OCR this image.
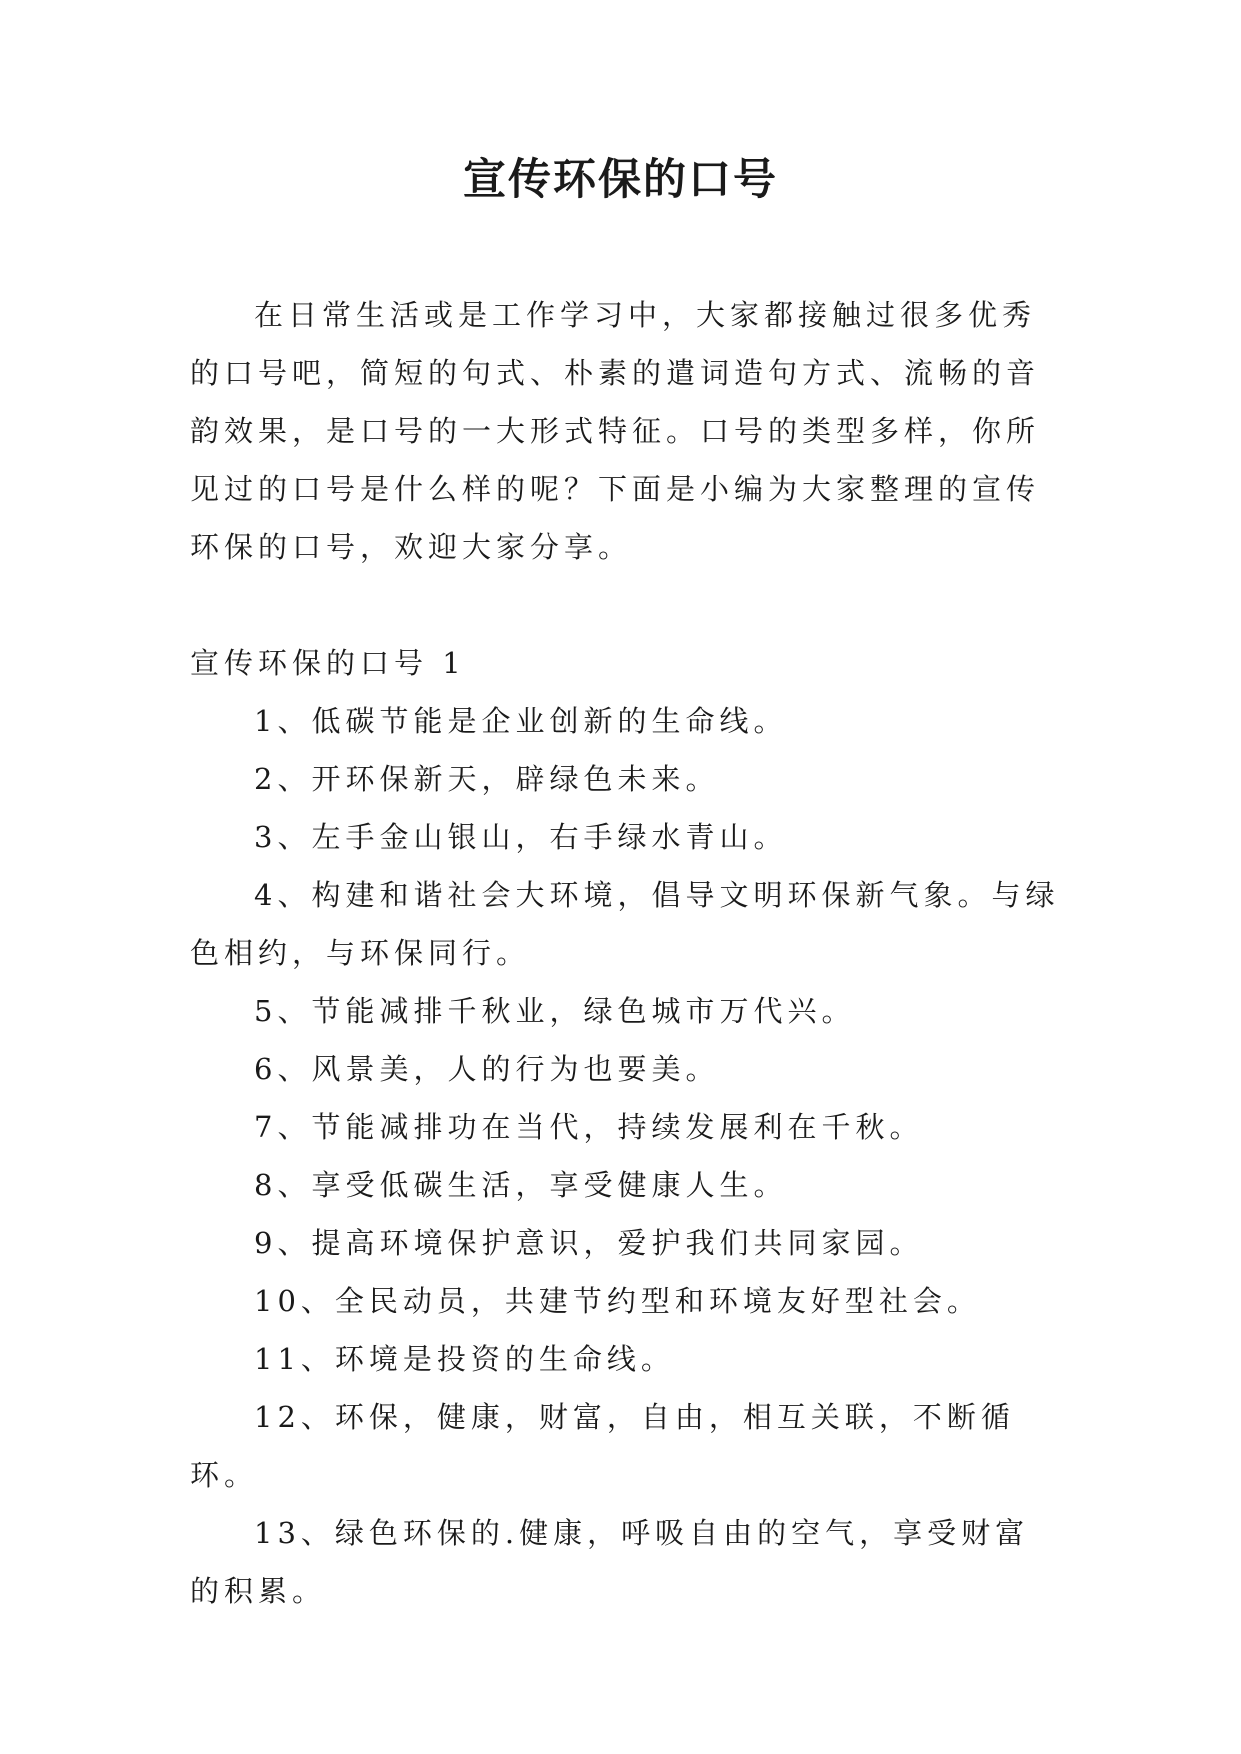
宣传环保的口号

在日常生活或是工作学习中，大家都接触过很多优秀的口号吧，简短的句式、朴素的遣词造句方式、流畅的音韵效果，是口号的一大形式特征。口号的类型多样，你所见过的口号是什么样的呢？下面是小编为大家整理的宣传环保的口号，欢迎大家分享。

宣传环保的口号 1

1、低碳节能是企业创新的生命线。
2、开环保新天，辟绿色未来。
3、左手金山银山，右手绿水青山。
4、构建和谐社会大环境，倡导文明环保新气象。与绿色相约，与环保同行。
5、节能减排千秋业，绿色城市万代兴。
6、风景美，人的行为也要美。
7、节能减排功在当代，持续发展利在千秋。
8、享受低碳生活，享受健康人生。
9、提高环境保护意识，爱护我们共同家园。
10、全民动员，共建节约型和环境友好型社会。
11、环境是投资的生命线。
12、环保，健康，财富，自由，相互关联，不断循环。
13、绿色环保的.健康，呼吸自由的空气，享受财富的积累。
